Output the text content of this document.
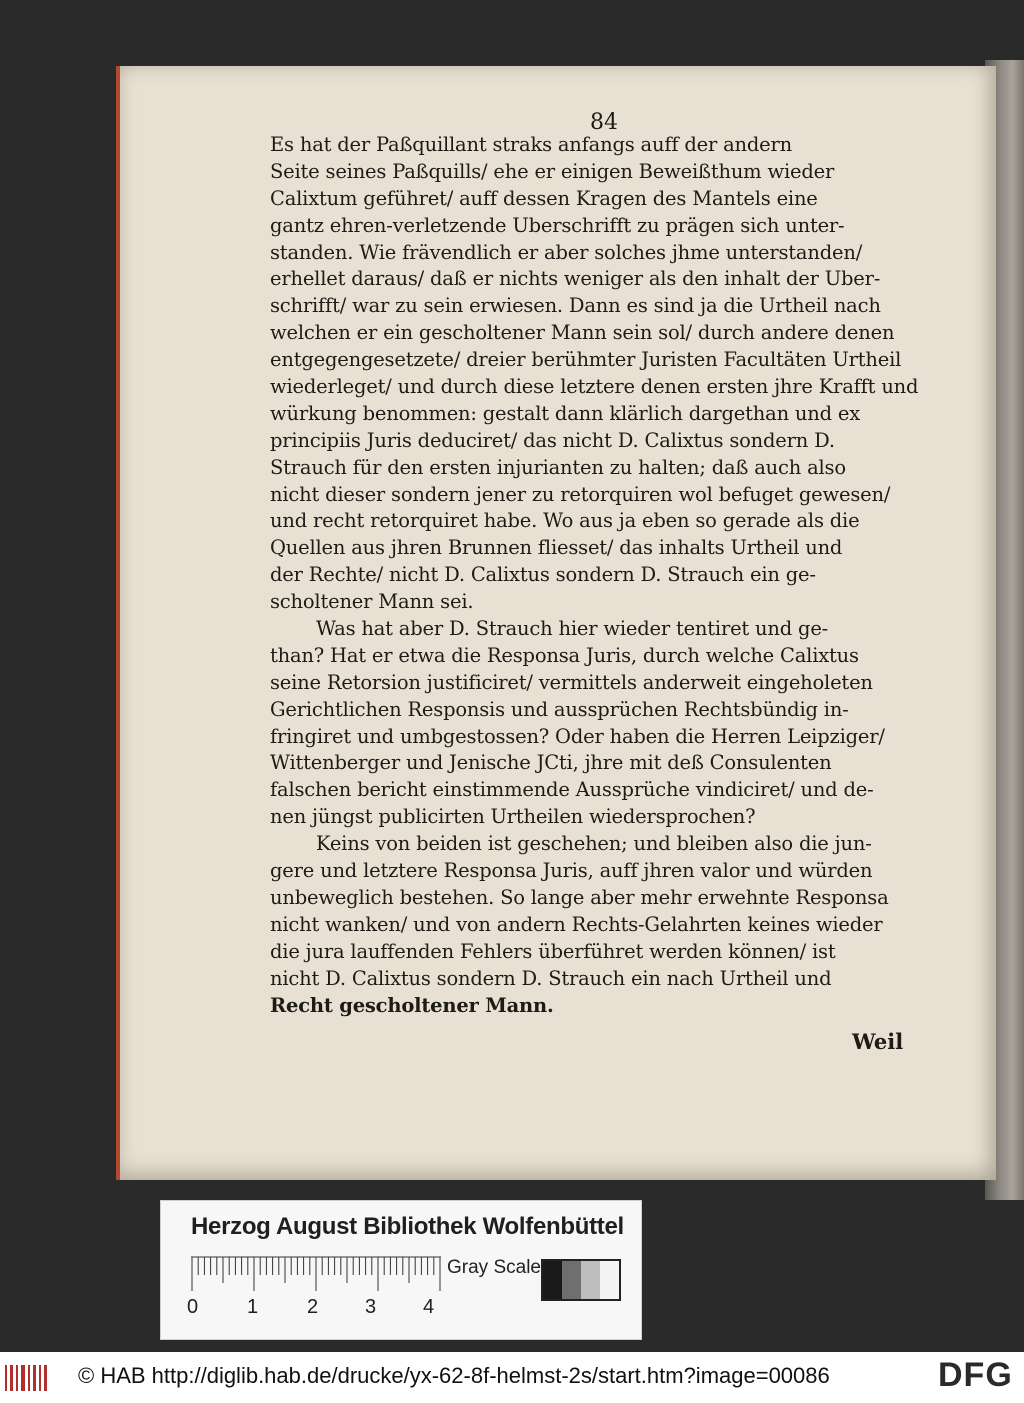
84
Es hat der Paßquillant straks anfangs auff der andern
Seite seines Paßquills/ ehe er einigen Beweißthum wieder
Calixtum geführet/ auff dessen Kragen des Mantels eine
gantz ehren-verletzende Uberschrifft zu prägen sich unter-
standen. Wie frävendlich er aber solches jhme unterstanden/
erhellet daraus/ daß er nichts weniger als den inhalt der Uber-
schrifft/ war zu sein erwiesen. Dann es sind ja die Urtheil nach
welchen er ein gescholtener Mann sein sol/ durch andere denen
entgegengesetzete/ dreier berühmter Juristen Facultäten Urtheil
wiederleget/ und durch diese letztere denen ersten jhre Krafft und
würkung benommen: gestalt dann klärlich dargethan und ex
principiis Juris deduciret/ das nicht D. Calixtus sondern D.
Strauch für den ersten injurianten zu halten; daß auch also
nicht dieser sondern jener zu retorquiren wol befuget gewesen/
und recht retorquiret habe. Wo aus ja eben so gerade als die
Quellen aus jhren Brunnen fliesset/ das inhalts Urtheil und
der Rechte/ nicht D. Calixtus sondern D. Strauch ein ge-
scholtener Mann sei.
Was hat aber D. Strauch hier wieder tentiret und ge-
than? Hat er etwa die Responsa Juris, durch welche Calixtus
seine Retorsion justificiret/ vermittels anderweit eingeholeten
Gerichtlichen Responsis und aussprüchen Rechtsbündig in-
fringiret und umbgestossen? Oder haben die Herren Leipziger/
Wittenberger und Jenische JCti, jhre mit deß Consulenten
falschen bericht einstimmende Aussprüche vindiciret/ und de-
nen jüngst publicirten Urtheilen wiedersprochen?
Keins von beiden ist geschehen; und bleiben also die jun-
gere und letztere Responsa Juris, auff jhren valor und würden
unbeweglich bestehen. So lange aber mehr erwehnte Responsa
nicht wanken/ und von andern Rechts-Gelahrten keines wieder
die jura lauffenden Fehlers überführet werden können/ ist
nicht D. Calixtus sondern D. Strauch ein nach Urtheil und
Recht gescholtener Mann.
Weil
Herzog August Bibliothek Wolfenbüttel
Gray Scale
0 1 2 3 4
© HAB http://diglib.hab.de/drucke/yx-62-8f-helmst-2s/start.htm?image=00086	DFG
